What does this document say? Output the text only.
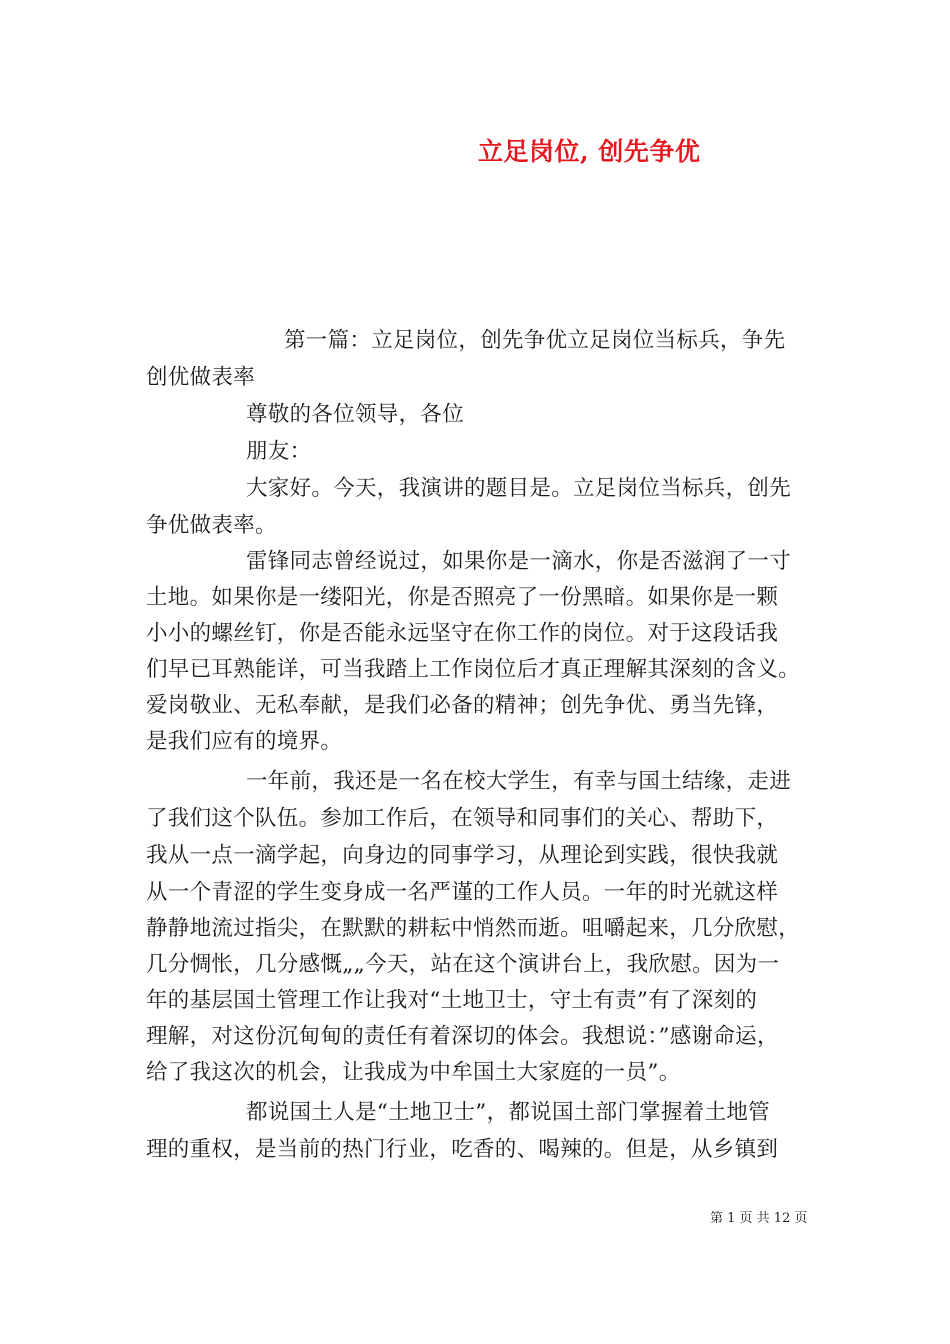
立足岗位, 创先争优
第一篇：立足岗位，创先争优立足岗位当标兵，争先
创优做表率
尊敬的各位领导，各位
朋友：
大家好。今天，我演讲的题目是。立足岗位当标兵，创先
争优做表率。
雷锋同志曾经说过，如果你是一滴水，你是否滋润了一寸
土地。如果你是一缕阳光，你是否照亮了一份黑暗。如果你是一颗
小小的螺丝钉，你是否能永远坚守在你工作的岗位。对于这段话我
们早已耳熟能详，可当我踏上工作岗位后才真正理解其深刻的含义。
爱岗敬业、无私奉献，是我们必备的精神；创先争优、勇当先锋，
是我们应有的境界。
一年前，我还是一名在校大学生，有幸与国土结缘，走进
了我们这个队伍。参加工作后，在领导和同事们的关心、帮助下，
我从一点一滴学起，向身边的同事学习，从理论到实践，很快我就
从一个青涩的学生变身成一名严谨的工作人员。一年的时光就这样
静静地流过指尖，在默默的耕耘中悄然而逝。咀嚼起来，几分欣慰，
几分惆怅，几分感慨„„今天，站在这个演讲台上，我欣慰。因为一
年的基层国土管理工作让我对“土地卫士，守土有责”有了深刻的
理解，对这份沉甸甸的责任有着深切的体会。我想说：”感谢命运，
给了我这次的机会，让我成为中牟国土大家庭的一员”。
都说国土人是“土地卫士”，都说国土部门掌握着土地管
理的重权，是当前的热门行业，吃香的、喝辣的。但是，从乡镇到
第 1 页 共 12 页
